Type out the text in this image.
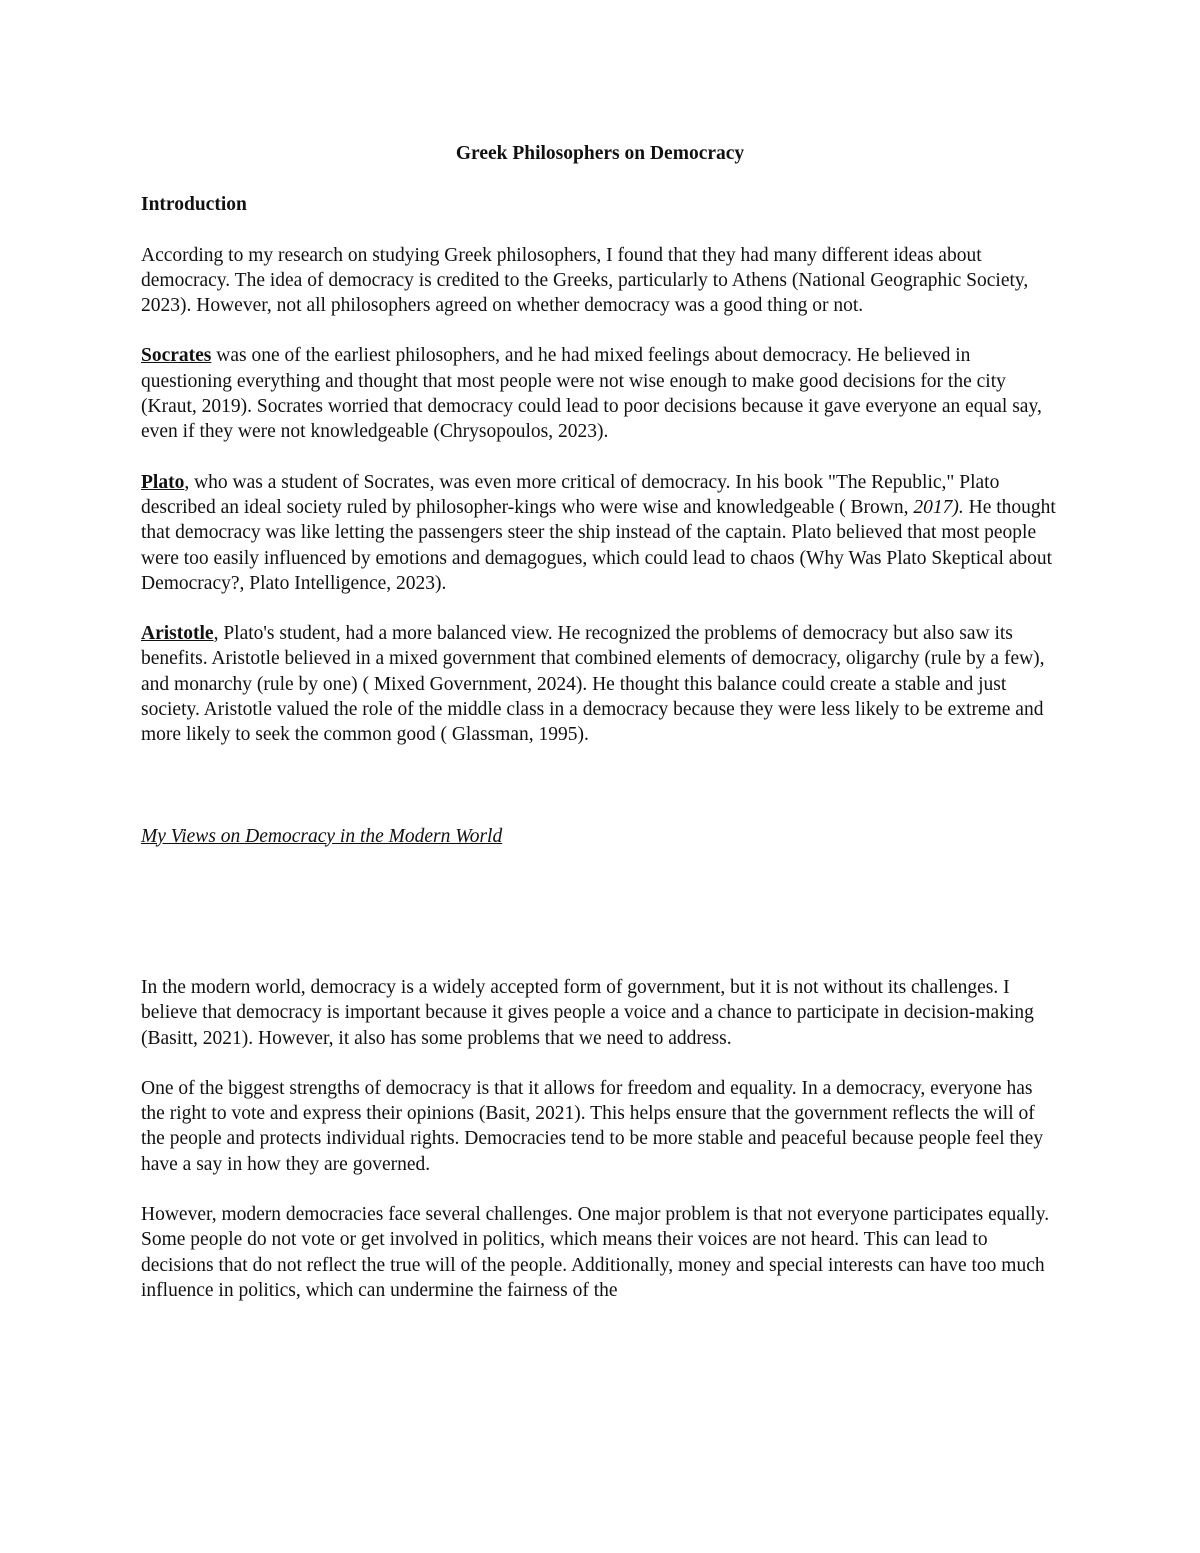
Greek Philosophers on Democracy

Introduction

According to my research on studying Greek philosophers, I found that they had many different ideas about democracy. The idea of democracy is credited to the Greeks, particularly to Athens (National Geographic Society, 2023). However, not all philosophers agreed on whether democracy was a good thing or not.

Socrates was one of the earliest philosophers, and he had mixed feelings about democracy. He believed in questioning everything and thought that most people were not wise enough to make good decisions for the city (Kraut, 2019). Socrates worried that democracy could lead to poor decisions because it gave everyone an equal say, even if they were not knowledgeable (Chrysopoulos, 2023).

Plato, who was a student of Socrates, was even more critical of democracy. In his book "The Republic," Plato described an ideal society ruled by philosopher-kings who were wise and knowledgeable ( Brown, 2017). He thought that democracy was like letting the passengers steer the ship instead of the captain. Plato believed that most people were too easily influenced by emotions and demagogues, which could lead to chaos (Why Was Plato Skeptical about Democracy?, Plato Intelligence, 2023).

Aristotle, Plato's student, had a more balanced view. He recognized the problems of democracy but also saw its benefits. Aristotle believed in a mixed government that combined elements of democracy, oligarchy (rule by a few), and monarchy (rule by one) ( Mixed Government, 2024). He thought this balance could create a stable and just society. Aristotle valued the role of the middle class in a democracy because they were less likely to be extreme and more likely to seek the common good ( Glassman, 1995).

My Views on Democracy in the Modern World

In the modern world, democracy is a widely accepted form of government, but it is not without its challenges. I believe that democracy is important because it gives people a voice and a chance to participate in decision-making (Basitt, 2021). However, it also has some problems that we need to address.

One of the biggest strengths of democracy is that it allows for freedom and equality. In a democracy, everyone has the right to vote and express their opinions (Basit, 2021). This helps ensure that the government reflects the will of the people and protects individual rights. Democracies tend to be more stable and peaceful because people feel they have a say in how they are governed.

However, modern democracies face several challenges. One major problem is that not everyone participates equally. Some people do not vote or get involved in politics, which means their voices are not heard. This can lead to decisions that do not reflect the true will of the people. Additionally, money and special interests can have too much influence in politics, which can undermine the fairness of the
